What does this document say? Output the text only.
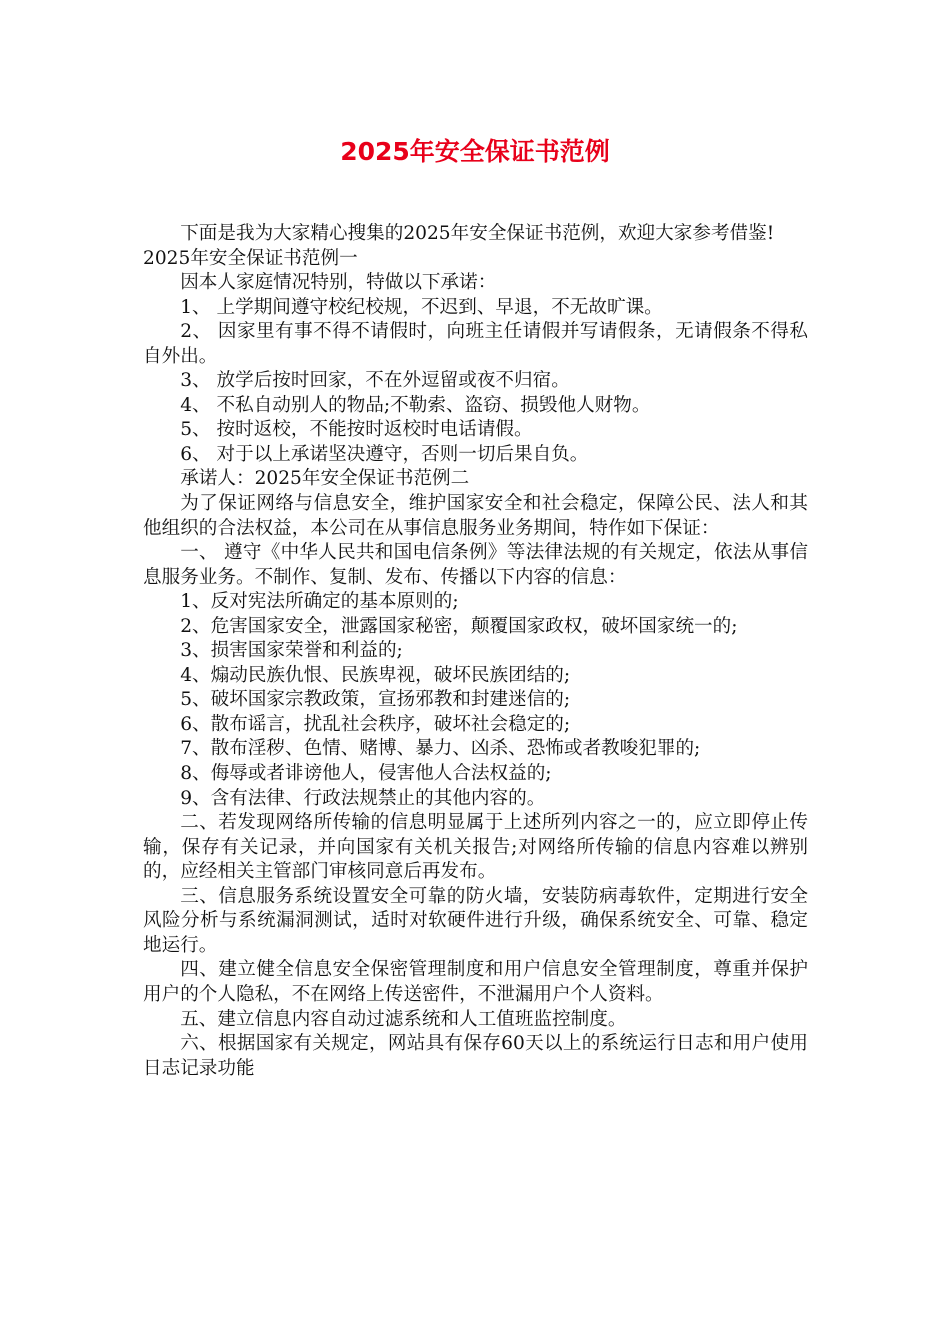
2025年安全保证书范例

下面是我为大家精心搜集的2025年安全保证书范例，欢迎大家参考借鉴!

2025年安全保证书范例一

因本人家庭情况特别，特做以下承诺：

1、 上学期间遵守校纪校规，不迟到、早退，不无故旷课。

2、 因家里有事不得不请假时，向班主任请假并写请假条，无请假条不得私自外出。

3、 放学后按时回家，不在外逗留或夜不归宿。

4、 不私自动别人的物品;不勒索、盗窃、损毁他人财物。

5、 按时返校，不能按时返校时电话请假。

6、 对于以上承诺坚决遵守，否则一切后果自负。

承诺人：2025年安全保证书范例二

为了保证网络与信息安全，维护国家安全和社会稳定，保障公民、法人和其他组织的合法权益，本公司在从事信息服务业务期间，特作如下保证：

一、 遵守《中华人民共和国电信条例》等法律法规的有关规定，依法从事信息服务业务。不制作、复制、发布、传播以下内容的信息：

1、反对宪法所确定的基本原则的;

2、危害国家安全，泄露国家秘密，颠覆国家政权，破坏国家统一的;

3、损害国家荣誉和利益的;

4、煽动民族仇恨、民族卑视，破坏民族团结的;

5、破坏国家宗教政策，宣扬邪教和封建迷信的;

6、散布谣言，扰乱社会秩序，破坏社会稳定的;

7、散布淫秽、色情、赌博、暴力、凶杀、恐怖或者教唆犯罪的;

8、侮辱或者诽谤他人，侵害他人合法权益的;

9、含有法律、行政法规禁止的其他内容的。

二、若发现网络所传输的信息明显属于上述所列内容之一的，应立即停止传输，保存有关记录，并向国家有关机关报告;对网络所传输的信息内容难以辨别的，应经相关主管部门审核同意后再发布。

三、信息服务系统设置安全可靠的防火墙，安装防病毒软件，定期进行安全风险分析与系统漏洞测试，适时对软硬件进行升级，确保系统安全、可靠、稳定地运行。

四、建立健全信息安全保密管理制度和用户信息安全管理制度，尊重并保护用户的个人隐私，不在网络上传送密件，不泄漏用户个人资料。

五、建立信息内容自动过滤系统和人工值班监控制度。

六、根据国家有关规定，网站具有保存60天以上的系统运行日志和用户使用日志记录功能
